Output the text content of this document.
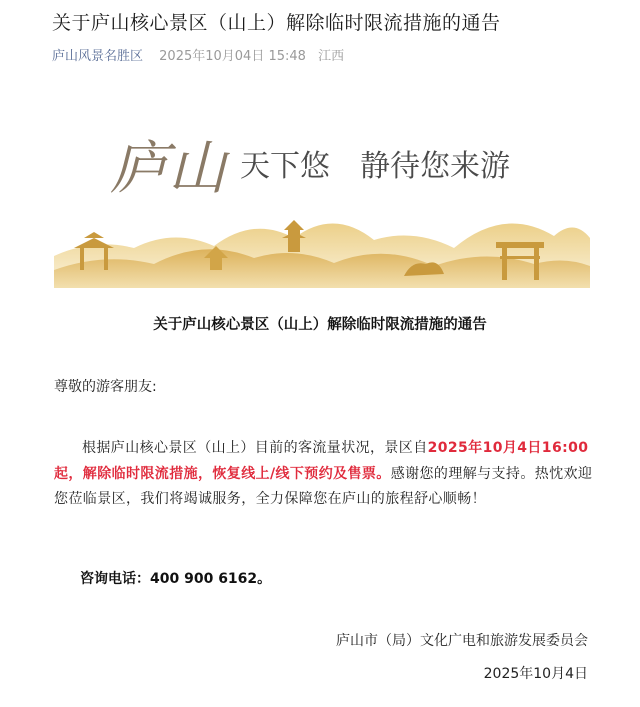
关于庐山核心景区（山上）解除临时限流措施的通告
庐山风景名胜区 2025年10月04日 15:48 江西
庐山 天下悠 静待您来游
关于庐山核心景区（山上）解除临时限流措施的通告
尊敬的游客朋友:
根据庐山核心景区（山上）目前的客流量状况，景区自2025年10月4日16:00起，解除临时限流措施，恢复线上/线下预约及售票。感谢您的理解与支持。热忱欢迎您莅临景区，我们将竭诚服务，全力保障您在庐山的旅程舒心顺畅！
咨询电话：400 900 6162。
庐山市（局）文化广电和旅游发展委员会
2025年10月4日
